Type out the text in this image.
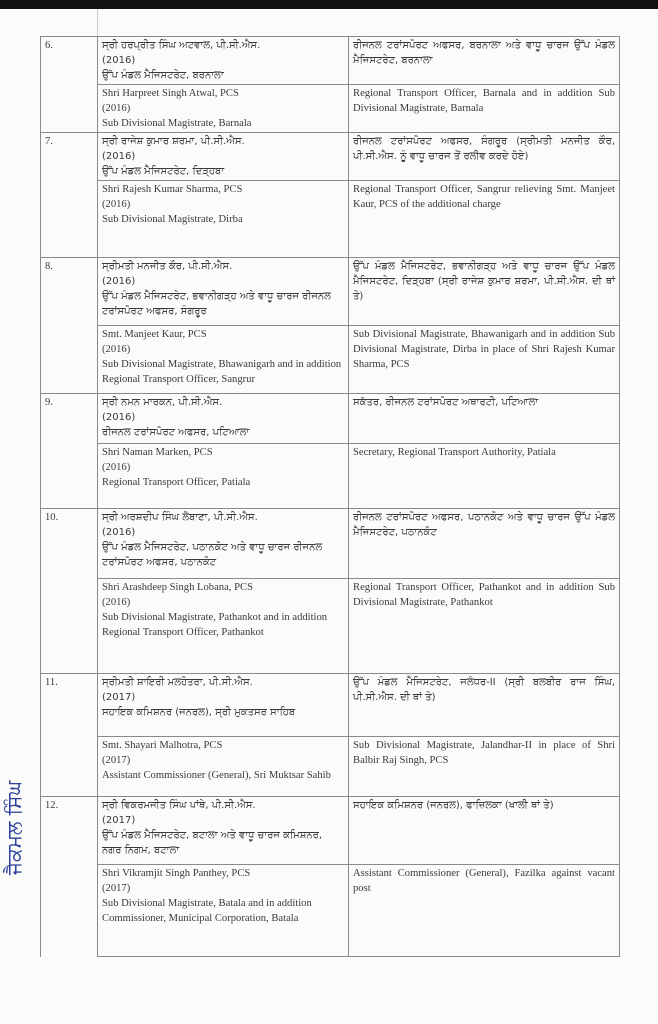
6.	ਸ੍ਰੀ ਹਰਪ੍ਰੀਤ ਸਿੰਘ ਅਟਵਾਲ, ਪੀ.ਸੀ.ਐਸ.
(2016)
ਉੱਪ ਮੰਡਲ ਮੈਜਿਸਟਰੇਟ, ਬਰਨਾਲਾ	ਰੀਜਨਲ ਟਰਾਂਸਪੋਰਟ ਅਫਸਰ, ਬਰਨਾਲਾ ਅਤੇ ਵਾਧੂ ਚਾਰਜ ਉੱਪ ਮੰਡਲ ਮੈਜਿਸਟਰੇਟ, ਬਰਨਾਲਾ

	Shri Harpreet Singh Atwal, PCS
(2016)
Sub Divisional Magistrate, Barnala	Regional Transport Officer, Barnala and in addition Sub Divisional Magistrate, Barnala
7.	ਸ੍ਰੀ ਰਾਜੇਸ਼ ਕੁਮਾਰ ਸ਼ਰਮਾ, ਪੀ.ਸੀ.ਐਸ.
(2016)
ਉੱਪ ਮੰਡਲ ਮੈਜਿਸਟਰੇਟ, ਦਿੜ੍ਹਬਾ	ਰੀਜਨਲ ਟਰਾਂਸਪੋਰਟ ਅਫਸਰ, ਸੰਗਰੂਰ (ਸ੍ਰੀਮਤੀ ਮਨਜੀਤ ਕੌਰ, ਪੀ.ਸੀ.ਐਸ. ਨੂੰ ਵਾਧੂ ਚਾਰਜ ਤੋਂ ਰਲੀਵ ਕਰਦੇ ਹੋਏ)

	Shri Rajesh Kumar Sharma, PCS
(2016)
Sub Divisional Magistrate, Dirba	Regional Transport Officer, Sangrur relieving Smt. Manjeet Kaur, PCS of the additional charge
8.	ਸ੍ਰੀਮਤੀ ਮਨਜੀਤ ਕੌਰ, ਪੀ.ਸੀ.ਐਸ.
(2016)
ਉੱਪ ਮੰਡਲ ਮੈਜਿਸਟਰੇਟ, ਭਵਾਨੀਗੜ੍ਹ ਅਤੇ ਵਾਧੂ ਚਾਰਜ ਰੀਜਨਲ ਟਰਾਂਸਪੋਰਟ ਅਫਸਰ, ਸੰਗਰੂਰ	ਉੱਪ ਮੰਡਲ ਮੈਜਿਸਟਰੇਟ, ਭਵਾਨੀਗੜ੍ਹ ਅਤੇ ਵਾਧੂ ਚਾਰਜ ਉੱਪ ਮੰਡਲ ਮੈਜਿਸਟਰੇਟ, ਦਿੜ੍ਹਬਾ (ਸ੍ਰੀ ਰਾਜੇਸ਼ ਕੁਮਾਰ ਸ਼ਰਮਾ, ਪੀ.ਸੀ.ਐਸ. ਦੀ ਥਾਂ ਤੇ)

	Smt. Manjeet Kaur, PCS
(2016)
Sub Divisional Magistrate, Bhawanigarh and in addition Regional Transport Officer, Sangrur	Sub Divisional Magistrate, Bhawanigarh and in addition Sub Divisional Magistrate, Dirba in place of Shri Rajesh Kumar Sharma, PCS
9.	ਸ੍ਰੀ ਨਮਨ ਮਾਰਕਨ, ਪੀ.ਸੀ.ਐਸ.
(2016)
ਰੀਜਨਲ ਟਰਾਂਸਪੋਰਟ ਅਫਸਰ, ਪਟਿਆਲਾ	ਸਕੱਤਰ, ਰੀਜਨਲ ਟਰਾਂਸਪੋਰਟ ਅਥਾਰਟੀ, ਪਟਿਆਲਾ

	Shri Naman Marken, PCS
(2016)
Regional Transport Officer, Patiala	Secretary, Regional Transport Authority, Patiala
10.	ਸ੍ਰੀ ਅਰਸ਼ਦੀਪ ਸਿੰਘ ਲੋਬਾਣਾ, ਪੀ.ਸੀ.ਐਸ.
(2016)
ਉੱਪ ਮੰਡਲ ਮੈਜਿਸਟਰੇਟ, ਪਠਾਨਕੋਟ ਅਤੇ ਵਾਧੂ ਚਾਰਜ ਰੀਜਨਲ ਟਰਾਂਸਪੋਰਟ ਅਫਸਰ, ਪਠਾਨਕੋਟ	ਰੀਜਨਲ ਟਰਾਂਸਪੋਰਟ ਅਫਸਰ, ਪਠਾਨਕੋਟ ਅਤੇ ਵਾਧੂ ਚਾਰਜ ਉੱਪ ਮੰਡਲ ਮੈਜਿਸਟਰੇਟ, ਪਠਾਨਕੋਟ

	Shri Arashdeep Singh Lobana, PCS
(2016)
Sub Divisional Magistrate, Pathankot and in addition Regional Transport Officer, Pathankot	Regional Transport Officer, Pathankot and in addition Sub Divisional Magistrate, Pathankot
11.	ਸ੍ਰੀਮਤੀ ਸ਼ਾਇਰੀ ਮਲਹੋਤਰਾ, ਪੀ.ਸੀ.ਐਸ.
(2017)
ਸਹਾਇਕ ਕਮਿਸ਼ਨਰ (ਜਨਰਲ), ਸ੍ਰੀ ਮੁਕਤਸਰ ਸਾਹਿਬ	ਉੱਪ ਮੰਡਲ ਮੈਜਿਸਟਰੇਟ, ਜਲੰਧਰ-II (ਸ੍ਰੀ ਬਲਬੀਰ ਰਾਜ ਸਿੰਘ, ਪੀ.ਸੀ.ਐਸ. ਦੀ ਥਾਂ ਤੇ)

	Smt. Shayari Malhotra, PCS
(2017)
Assistant Commissioner (General), Sri Muktsar Sahib	Sub Divisional Magistrate, Jalandhar-II in place of Shri Balbir Raj Singh, PCS
12.	ਸ੍ਰੀ ਵਿਕਰਮਜੀਤ ਸਿੰਘ ਪਾਂਥੇ, ਪੀ.ਸੀ.ਐਸ.
(2017)
ਉੱਪ ਮੰਡਲ ਮੈਜਿਸਟਰੇਟ, ਬਟਾਲਾ ਅਤੇ ਵਾਧੂ ਚਾਰਜ ਕਮਿਸ਼ਨਰ, ਨਗਰ ਨਿਗਮ, ਬਟਾਲਾ	ਸਹਾਇਕ ਕਮਿਸ਼ਨਰ (ਜਨਰਲ), ਫਾਜ਼ਿਲਕਾ (ਖਾਲੀ ਥਾਂ ਤੇ)

	Shri Vikramjit Singh Panthey, PCS
(2017)
Sub Divisional Magistrate, Batala and in addition Commissioner, Municipal Corporation, Batala	Assistant Commissioner (General), Fazilka against vacant post
ਜੈਕਮਲ ਸਿੰਘ
